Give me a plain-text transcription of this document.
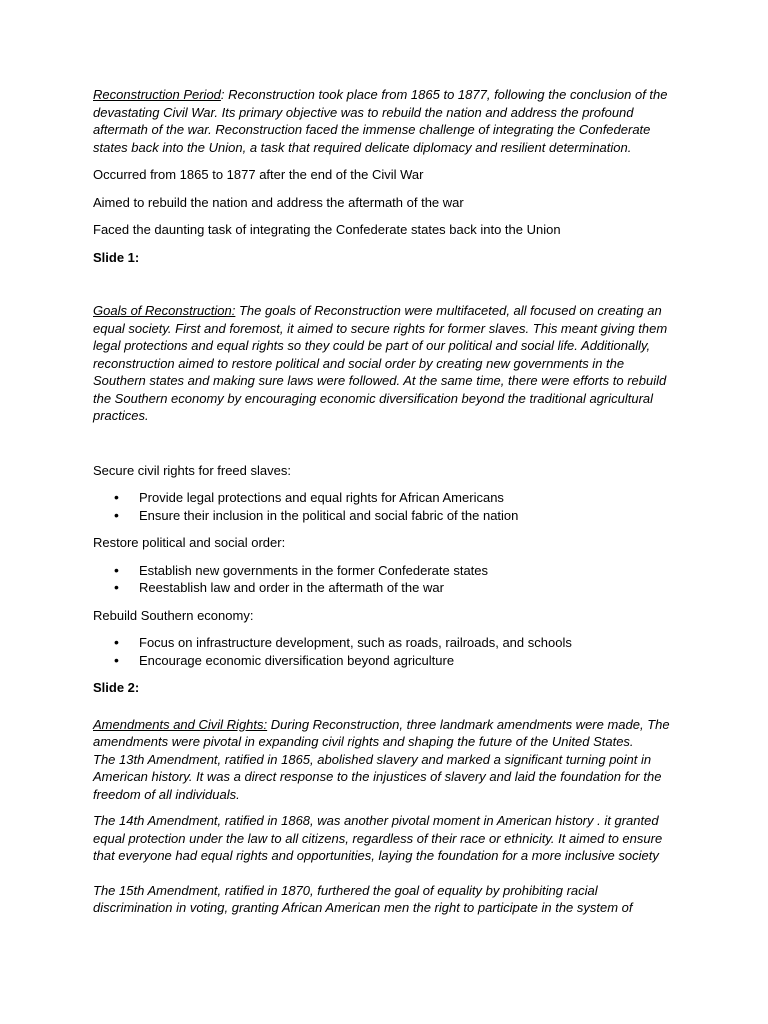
Reconstruction Period: Reconstruction took place from 1865 to 1877, following the conclusion of the devastating Civil War. Its primary objective was to rebuild the nation and address the profound aftermath of the war. Reconstruction faced the immense challenge of integrating the Confederate states back into the Union, a task that required delicate diplomacy and resilient determination.

Occurred from 1865 to 1877 after the end of the Civil War

Aimed to rebuild the nation and address the aftermath of the war

Faced the daunting task of integrating the Confederate states back into the Union

Slide 1:

Goals of Reconstruction: The goals of Reconstruction were multifaceted, all focused on creating an equal society. First and foremost, it aimed to secure rights for former slaves. This meant giving them legal protections and equal rights so they could be part of our political and social life. Additionally, reconstruction aimed to restore political and social order by creating new governments in the Southern states and making sure laws were followed. At the same time, there were efforts to rebuild the Southern economy by encouraging economic diversification beyond the traditional agricultural practices.

Secure civil rights for freed slaves:

• Provide legal protections and equal rights for African Americans
• Ensure their inclusion in the political and social fabric of the nation

Restore political and social order:

• Establish new governments in the former Confederate states
• Reestablish law and order in the aftermath of the war

Rebuild Southern economy:

• Focus on infrastructure development, such as roads, railroads, and schools
• Encourage economic diversification beyond agriculture

Slide 2:

Amendments and Civil Rights: During Reconstruction, three landmark amendments were made, The amendments were pivotal in expanding civil rights and shaping the future of the United States.

The 13th Amendment, ratified in 1865, abolished slavery and marked a significant turning point in American history. It was a direct response to the injustices of slavery and laid the foundation for the freedom of all individuals.

The 14th Amendment, ratified in 1868, was another pivotal moment in American history . it granted equal protection under the law to all citizens, regardless of their race or ethnicity. It aimed to ensure that everyone had equal rights and opportunities, laying the foundation for a more inclusive society

The 15th Amendment, ratified in 1870, furthered the goal of equality by prohibiting racial discrimination in voting, granting African American men the right to participate in the system of
